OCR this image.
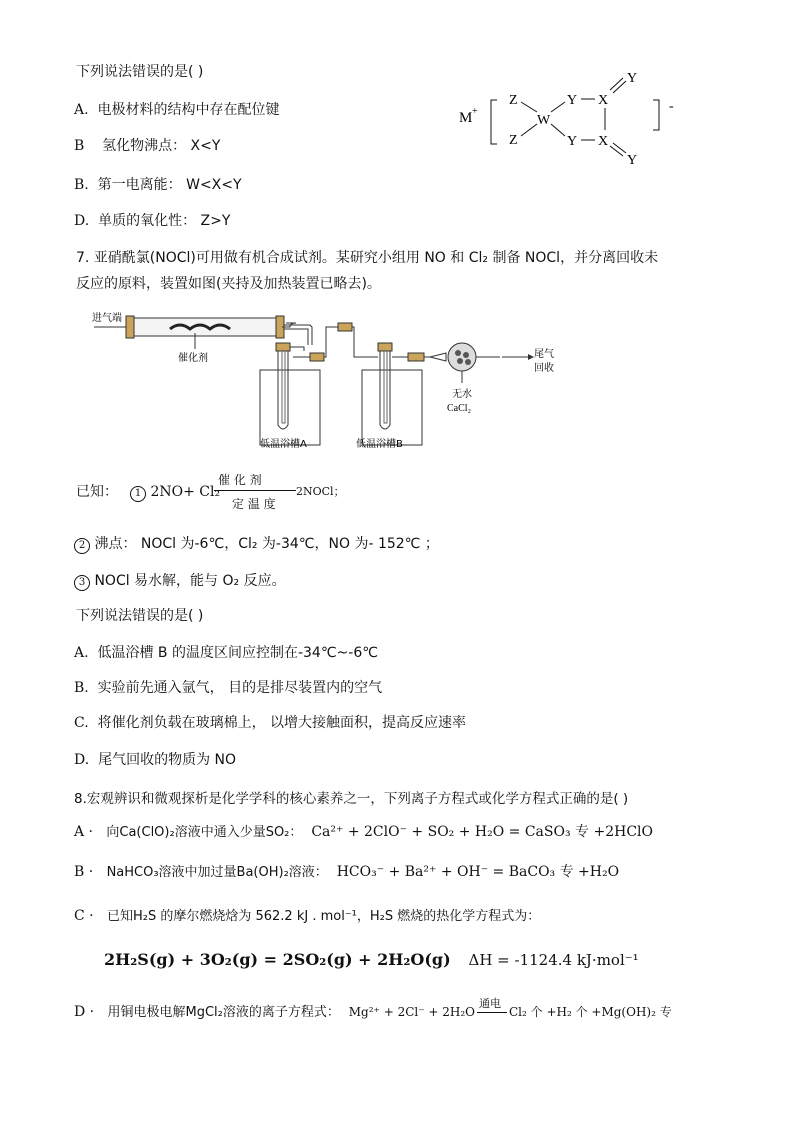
下列说法错误的是( )
A. 电极材料的结构中存在配位键
B 氢化物沸点： X<Y
B. 第一电离能： W<X<Y
D. 单质的氧化性： Z>Y
M +	-
Z
Z
W
Y
Y
X
X
Y
Y
7. 亚硝酰氯(NOCl)可用做有机合成试剂。某研究小组用 NO 和 Cl₂ 制备 NOCl，并分离回收未
反应的原料，装置如图(夹持及加热装置已略去)。
进气端
催化剂
无水
CaCl₂
尾气
回收
低温浴槽A	低温浴槽B
已知：	1 2NO+ Cl₂
催 化 剂
定 温 度
2NOCl；
2 沸点： NOCl 为-6℃，Cl₂ 为-34℃，NO 为- 152℃ ；
3 NOCl 易水解，能与 O₂ 反应。
下列说法错误的是( )
A. 低温浴槽 B 的温度区间应控制在-34℃~-6℃
B. 实验前先通入氩气， 目的是排尽装置内的空气
C. 将催化剂负载在玻璃棉上， 以增大接触面积，提高反应速率
D. 尾气回收的物质为 NO
8.宏观辨识和微观探析是化学学科的核心素养之一，下列离子方程式或化学方程式正确的是( )
A · 向Ca(ClO)₂溶液中通入少量SO₂： Ca²⁺ + 2ClO⁻ + SO₂ + H₂O = CaSO₃ 专 +2HClO
B · NaHCO₃溶液中加过量Ba(OH)₂溶液： HCO₃⁻ + Ba²⁺ + OH⁻ = BaCO₃ 专 +H₂O
C · 已知H₂S 的摩尔燃烧焓为 562.2 kJ . mol⁻¹，H₂S 燃烧的热化学方程式为：
2H₂S(g) + 3O₂(g) = 2SO₂(g) + 2H₂O(g) ΔH = -1124.4 kJ·mol⁻¹
D · 用铜电极电解MgCl₂溶液的离子方程式： Mg²⁺ + 2Cl⁻ + 2H₂O
通电
Cl₂ 个 +H₂ 个 +Mg(OH)₂ 专
